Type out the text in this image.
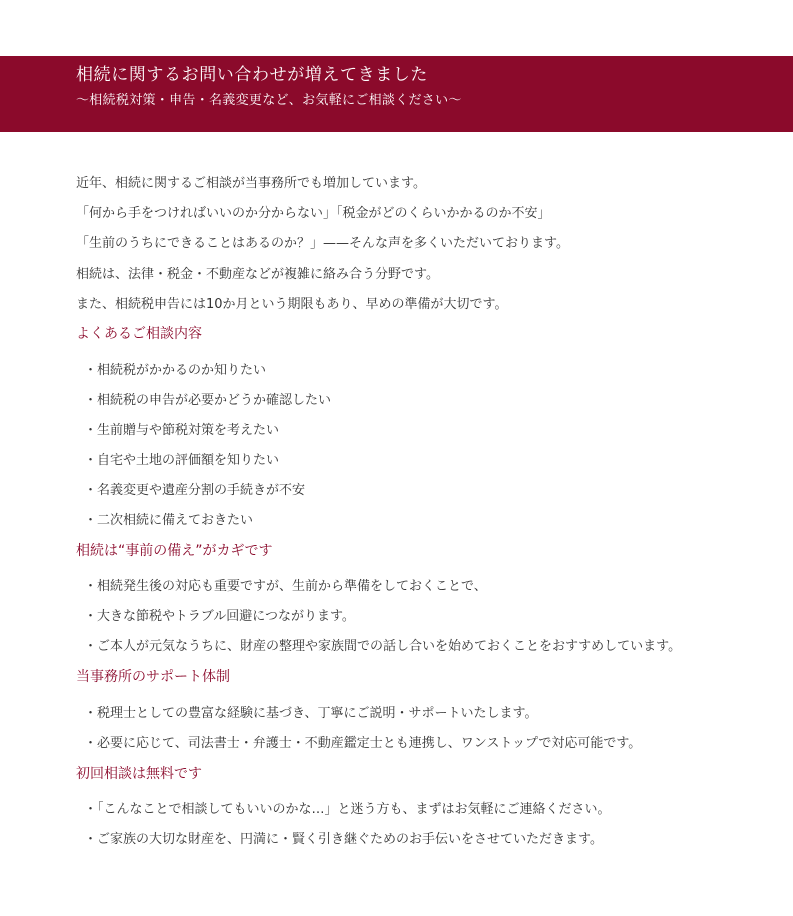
相続に関するお問い合わせが増えてきました
〜相続税対策・申告・名義変更など、お気軽にご相談ください〜
近年、相続に関するご相談が当事務所でも増加しています。
「何から手をつければいいのか分からない」「税金がどのくらいかかるのか不安」
「生前のうちにできることはあるのか？」——そんな声を多くいただいております。
相続は、法律・税金・不動産などが複雑に絡み合う分野です。
また、相続税申告には10か月という期限もあり、早めの準備が大切です。
よくあるご相談内容
・相続税がかかるのか知りたい
・相続税の申告が必要かどうか確認したい
・生前贈与や節税対策を考えたい
・自宅や土地の評価額を知りたい
・名義変更や遺産分割の手続きが不安
・二次相続に備えておきたい
相続は“事前の備え”がカギです
・相続発生後の対応も重要ですが、生前から準備をしておくことで、
・大きな節税やトラブル回避につながります。
・ご本人が元気なうちに、財産の整理や家族間での話し合いを始めておくことをおすすめしています。
当事務所のサポート体制
・税理士としての豊富な経験に基づき、丁寧にご説明・サポートいたします。
・必要に応じて、司法書士・弁護士・不動産鑑定士とも連携し、ワンストップで対応可能です。
初回相談は無料です
・「こんなことで相談してもいいのかな…」と迷う方も、まずはお気軽にご連絡ください。
・ご家族の大切な財産を、円満に・賢く引き継ぐためのお手伝いをさせていただきます。
